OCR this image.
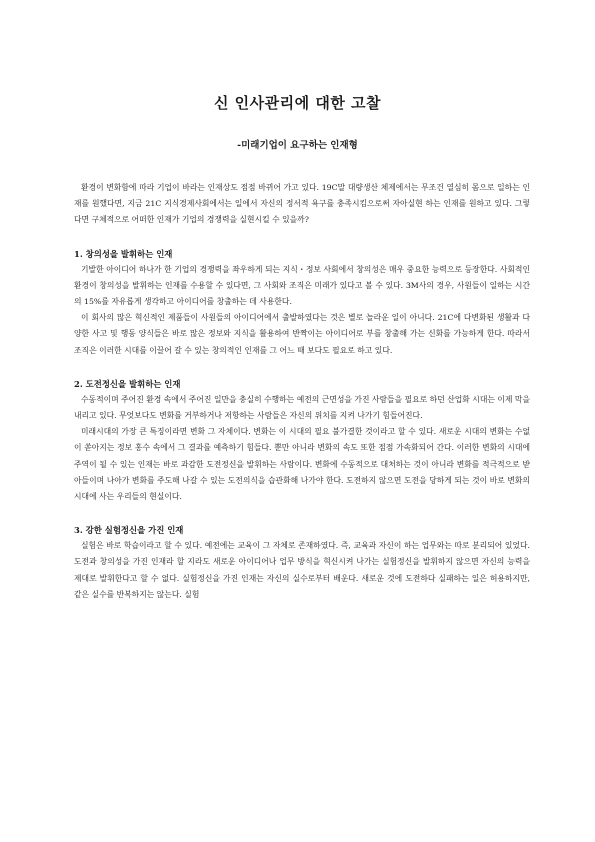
신 인사관리에 대한 고찰
-미래기업이 요구하는 인재형

환경이 변화함에 따라 기업이 바라는 인재상도 점점 바뀌어 가고 있다. 19C말 대량생산 체제에서는 무조건 열심히 몸으로 일하는 인재를 원했다면, 지금 21C 지식경제사회에서는 일에서 자신의 정서적 욕구를 충족시킴으로써 자아실현 하는 인재를 원하고 있다. 그렇다면 구체적으로 어떠한 인재가 기업의 경쟁력을 실현시킬 수 있을까?

1. 창의성을 발휘하는 인재

기발한 아이디어 하나가 한 기업의 경쟁력을 좌우하게 되는 지식・정보 사회에서 창의성은 매우 중요한 능력으로 등장한다. 사회적인 환경이 창의성을 발휘하는 인재를 수용할 수 있다면, 그 사회와 조직은 미래가 있다고 볼 수 있다. 3M사의 경우, 사원들이 일하는 시간의 15%를 자유롭게 생각하고 아이디어를 창출하는 데 사용한다.

이 회사의 많은 혁신적인 제품들이 사원들의 아이디어에서 출발하였다는 것은 별로 놀라운 일이 아니다. 21C에 다변화된 생활과 다양한 사고 및 행동 양식들은 바로 많은 정보와 지식을 활용하여 반짝이는 아이디어로 부를 창출해 가는 신화를 가능하게 한다. 따라서 조직은 이러한 시대를 이끌어 갈 수 있는 창의적인 인재를 그 어느 때 보다도 필요로 하고 있다.

2. 도전정신을 발휘하는 인재

수동적이며 주어진 환경 속에서 주어진 일만을 충실히 수행하는 예전의 근면성을 가진 사람들을 필요로 하던 산업화 시대는 이제 막을 내리고 있다. 무엇보다도 변화를 거부하거나 저항하는 사람들은 자신의 위치를 지켜 나가기 힘들어진다.

미래시대의 가장 큰 특징이라면 변화 그 자체이다. 변화는 이 시대의 필요 불가결한 것이라고 할 수 있다. 새로운 시대의 변화는 수없이 쏟아지는 정보 홍수 속에서 그 결과를 예측하기 힘들다. 뿐만 아니라 변화의 속도 또한 점점 가속화되어 간다. 이러한 변화의 시대에 주역이 될 수 있는 인재는 바로 과감한 도전정신을 발휘하는 사람이다. 변화에 수동적으로 대처하는 것이 아니라 변화를 적극적으로 받아들이며 나아가 변화를 주도해 나갈 수 있는 도전의식을 습관화해 나가야 한다. 도전하지 않으면 도전을 당하게 되는 것이 바로 변화의 시대에 사는 우리들의 현실이다.

3. 강한 실험정신을 가진 인재

실험은 바로 학습이라고 할 수 있다. 예전에는 교육이 그 자체로 존재하였다. 즉, 교육과 자신이 하는 업무와는 따로 분리되어 있었다. 도전과 창의성을 가진 인재라 할 지라도 새로운 아이디어나 업무 방식을 혁신시켜 나가는 실험정신을 발휘하지 않으면 자신의 능력을 제대로 발휘한다고 할 수 없다. 실험정신을 가진 인재는 자신의 실수로부터 배운다. 새로운 것에 도전하다 실패하는 일은 허용하지만, 같은 실수를 반복하지는 않는다. 실험
